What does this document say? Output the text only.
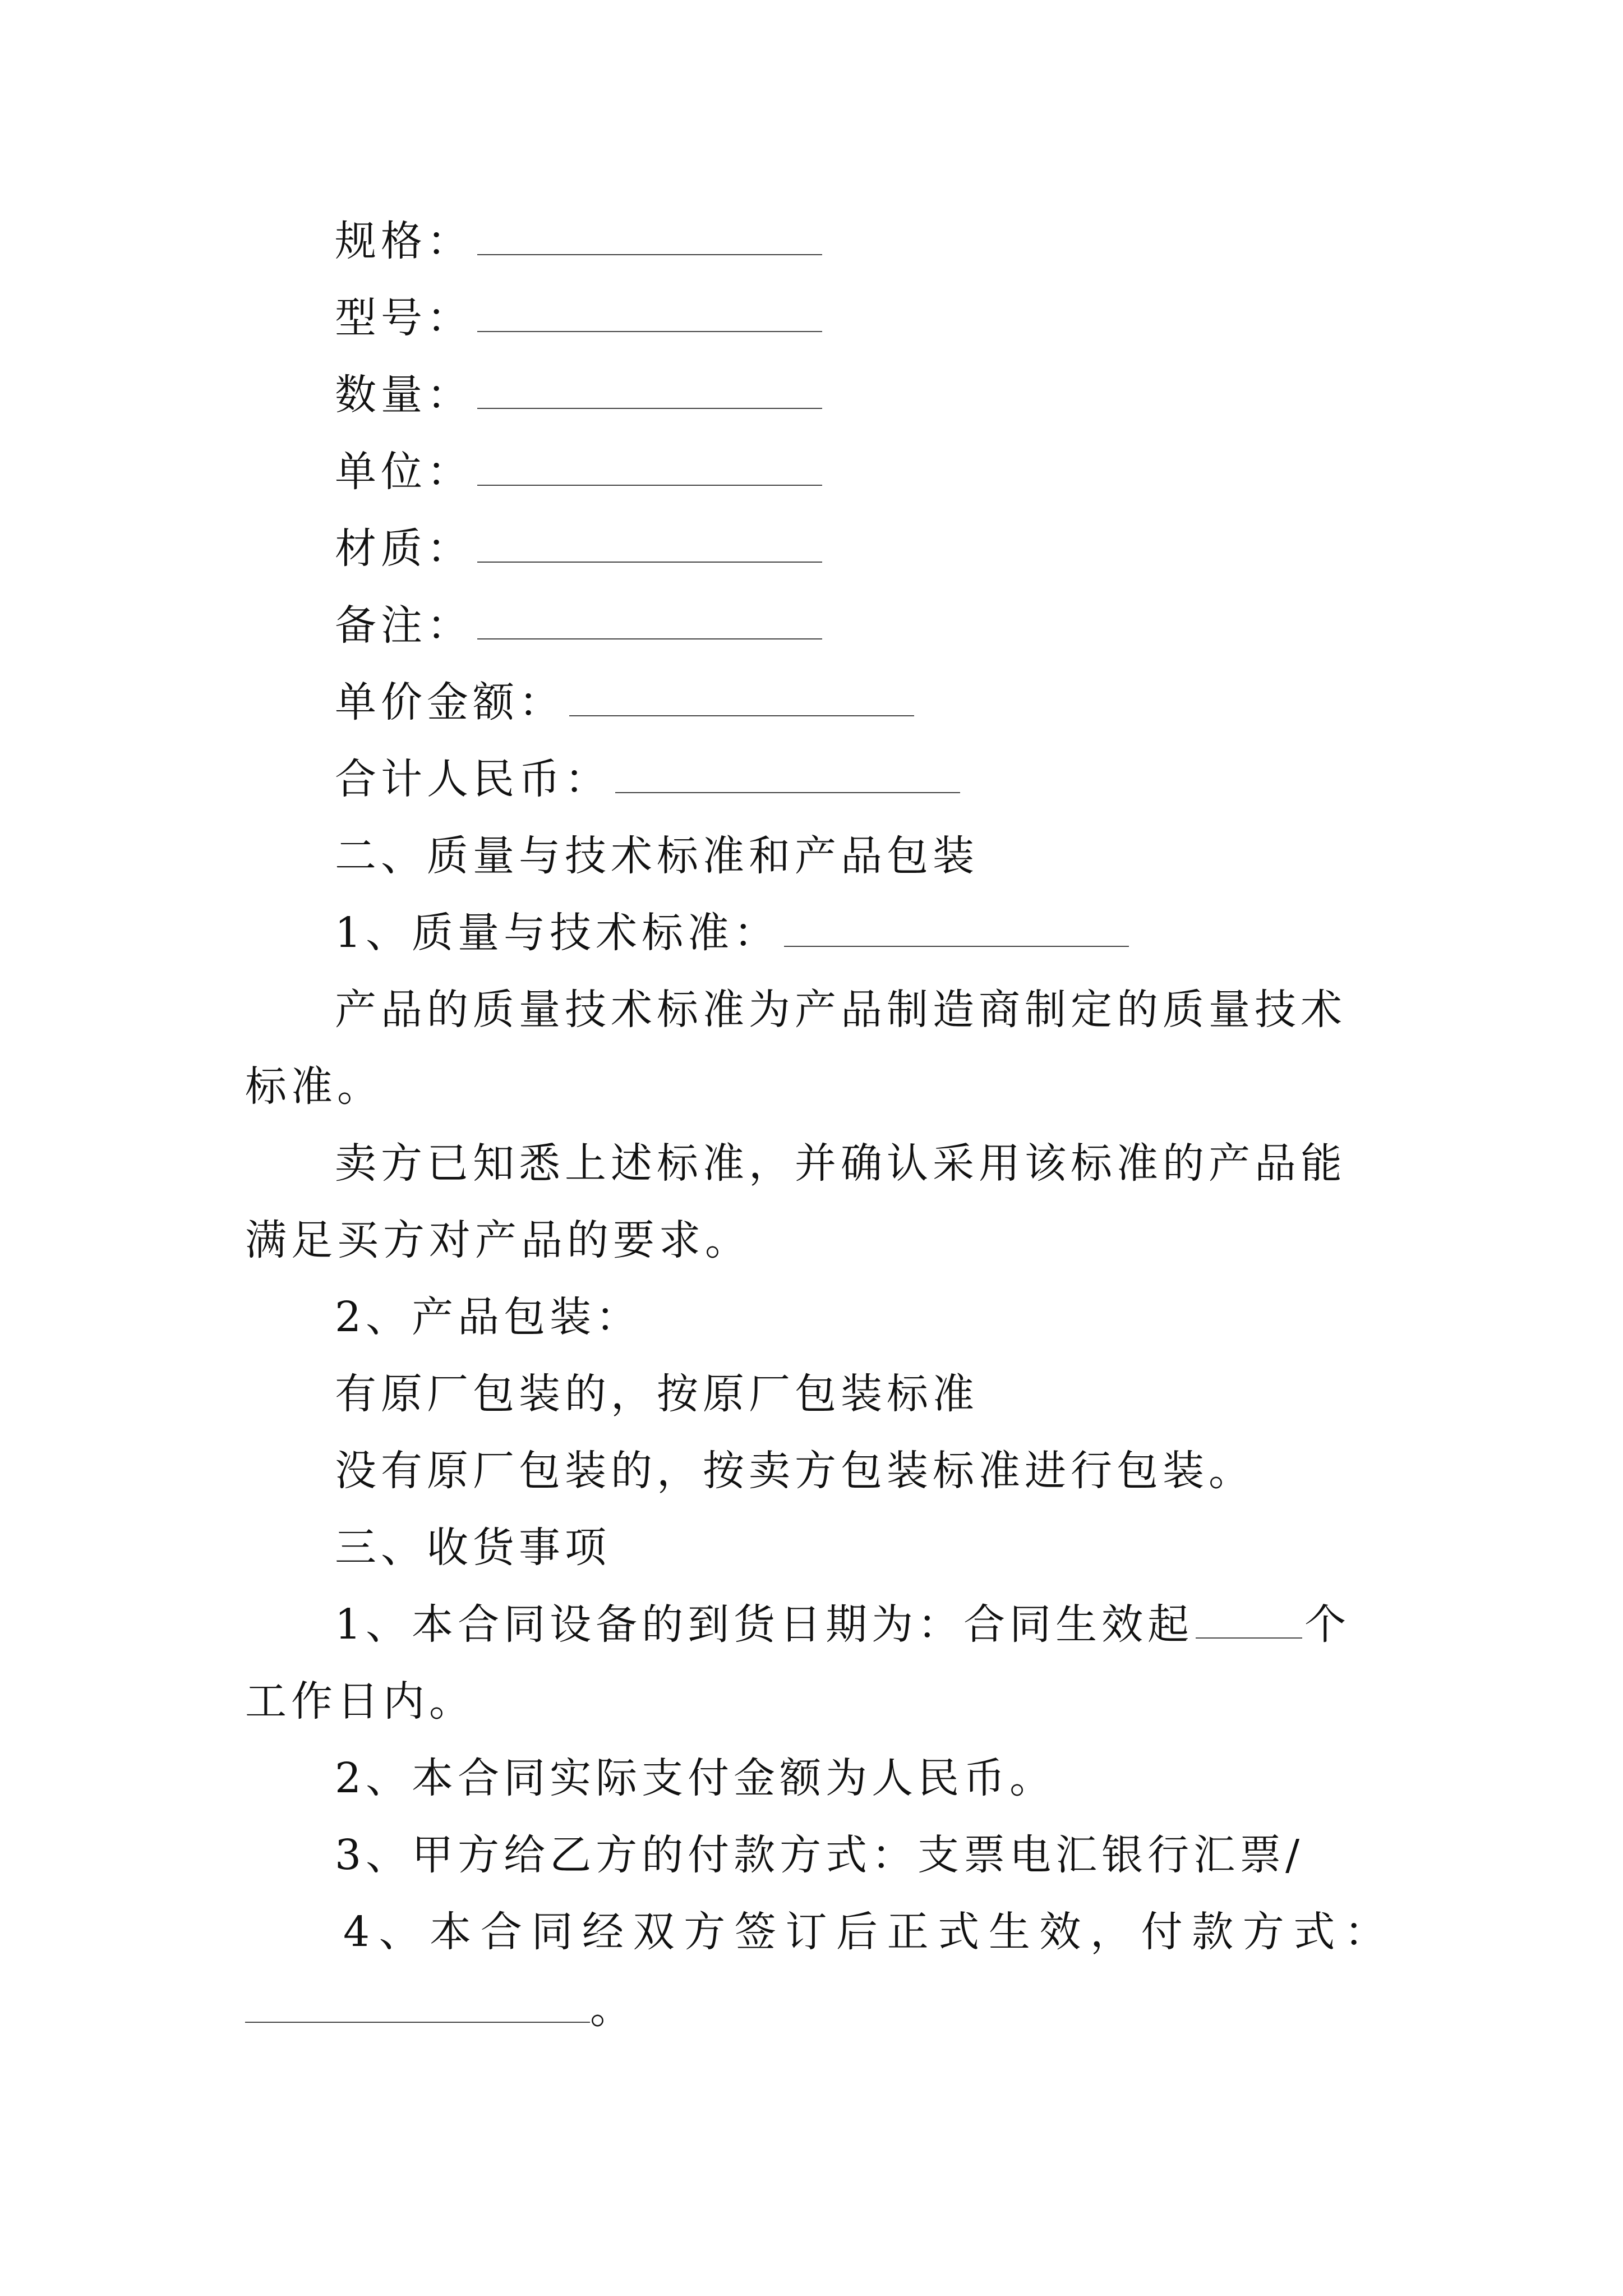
规格：
型号：
数量：
单位：
材质：
备注：
单价金额：
合计人民币：
二、质量与技术标准和产品包装
1、质量与技术标准：

产品的质量技术标准为产品制造商制定的质量技术标准。

卖方已知悉上述标准，并确认采用该标准的产品能满足买方对产品的要求。

2、产品包装：
有原厂包装的，按原厂包装标准
没有原厂包装的，按卖方包装标准进行包装。
三、收货事项

1、本合同设备的到货日期为：合同生效起	个工作日内。

2、本合同实际支付金额为人民币。
3、甲方给乙方的付款方式：支票电汇银行汇票/
4、本合同经双方签订后正式生效，付款方式：
。
